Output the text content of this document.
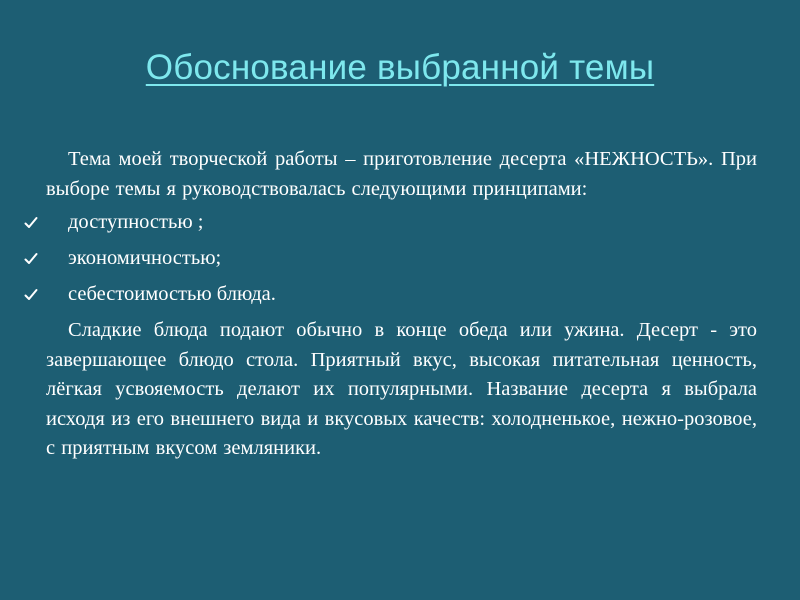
Обоснование выбранной темы

Тема моей творческой работы – приготовление десерта «НЕЖНОСТЬ». При выборе темы я руководствовалась следующими принципами:

доступностью ;
экономичностью;
себестоимостью блюда.

Сладкие блюда подают обычно в конце обеда или ужина. Десерт - это завершающее блюдо стола. Приятный вкус, высокая питательная ценность, лёгкая усвояемость делают их популярными. Название десерта я выбрала исходя из его внешнего вида и вкусовых качеств: холодненькое, нежно-розовое, с приятным вкусом земляники.
